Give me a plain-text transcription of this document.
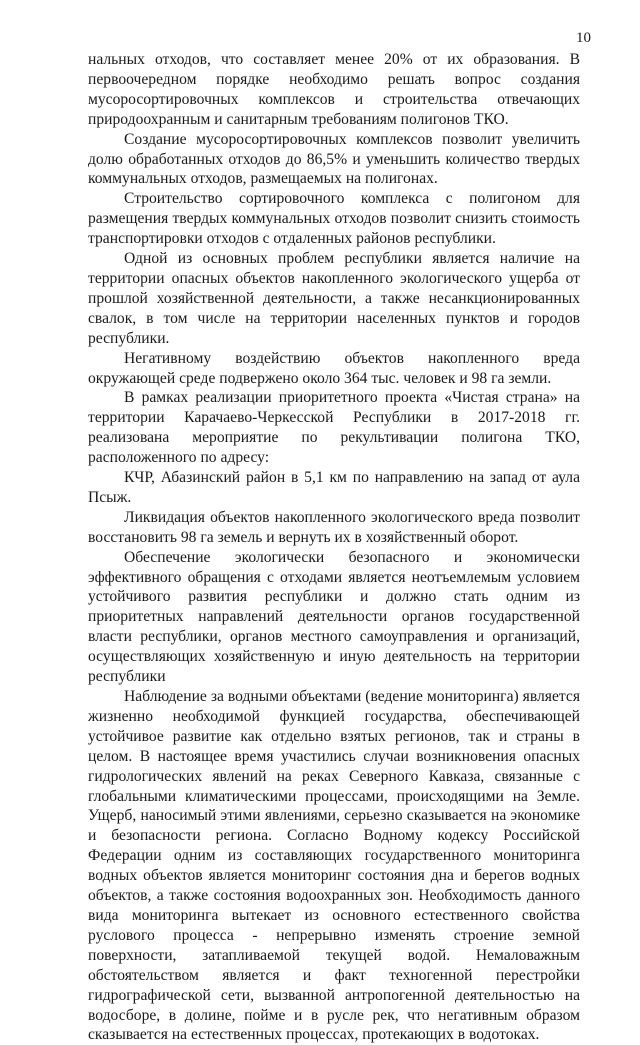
10

нальных отходов, что составляет менее 20% от их образования. В первоочередном порядке необходимо решать вопрос создания мусоросортировочных комплексов и строительства отвечающих природоохранным и санитарным требованиям полигонов ТКО.

Создание мусоросортировочных комплексов позволит увеличить долю обработанных отходов до 86,5% и уменьшить количество твердых коммунальных отходов, размещаемых на полигонах.

Строительство сортировочного комплекса с полигоном для размещения твердых коммунальных отходов позволит снизить стоимость транспортировки отходов с отдаленных районов республики.

Одной из основных проблем республики является наличие на территории опасных объектов накопленного экологического ущерба от прошлой хозяйственной деятельности, а также несанкционированных свалок, в том числе на территории населенных пунктов и городов республики.

Негативному воздействию объектов накопленного вреда окружающей среде подвержено около 364 тыс. человек и 98 га земли.

В рамках реализации приоритетного проекта «Чистая страна» на территории Карачаево-Черкесской Республики в 2017-2018 гг. реализована мероприятие по рекультивации полигона ТКО, расположенного по адресу:

КЧР, Абазинский район в 5,1 км по направлению на запад от аула Псыж.

Ликвидация объектов накопленного экологического вреда позволит восстановить 98 га земель и вернуть их в хозяйственный оборот.

Обеспечение экологически безопасного и экономически эффективного обращения с отходами является неотъемлемым условием устойчивого развития республики и должно стать одним из приоритетных направлений деятельности органов государственной власти республики, органов местного самоуправления и организаций, осуществляющих хозяйственную и иную деятельность на территории республики

Наблюдение за водными объектами (ведение мониторинга) является жизненно необходимой функцией государства, обеспечивающей устойчивое развитие как отдельно взятых регионов, так и страны в целом. В настоящее время участились случаи возникновения опасных гидрологических явлений на реках Северного Кавказа, связанные с глобальными климатическими процессами, происходящими на Земле. Ущерб, наносимый этими явлениями, серьезно сказывается на экономике и безопасности региона. Согласно Водному кодексу Российской Федерации одним из составляющих государственного мониторинга водных объектов является мониторинг состояния дна и берегов водных объектов, а также состояния водоохранных зон. Необходимость данного вида мониторинга вытекает из основного естественного свойства руслового процесса - непрерывно изменять строение земной поверхности, затапливаемой текущей водой. Немаловажным обстоятельством является и факт техногенной перестройки гидрографической сети, вызванной антропогенной деятельностью на водосборе, в долине, пойме и в русле рек, что негативным образом сказывается на естественных процессах, протекающих в водотоках.
